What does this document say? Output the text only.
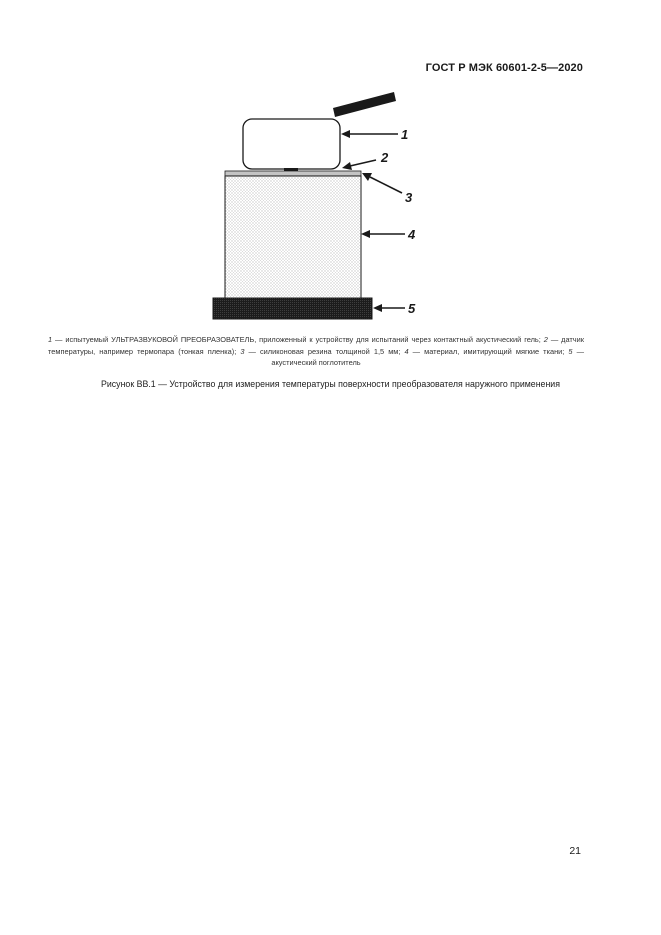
ГОСТ Р МЭК 60601-2-5—2020
1
2
3
4
5
1 — испытуемый УЛЬТРАЗВУКОВОЙ ПРЕОБРАЗОВАТЕЛЬ, приложенный к устройству для испытаний через контактный акустический гель; 2 — датчик температуры, например термопара (тонкая пленка); 3 — силиконовая резина толщиной 1,5 мм; 4 — материал, имитирующий мягкие ткани; 5 — акустический поглотитель
Рисунок ВВ.1 — Устройство для измерения температуры поверхности преобразователя наружного применения
21
